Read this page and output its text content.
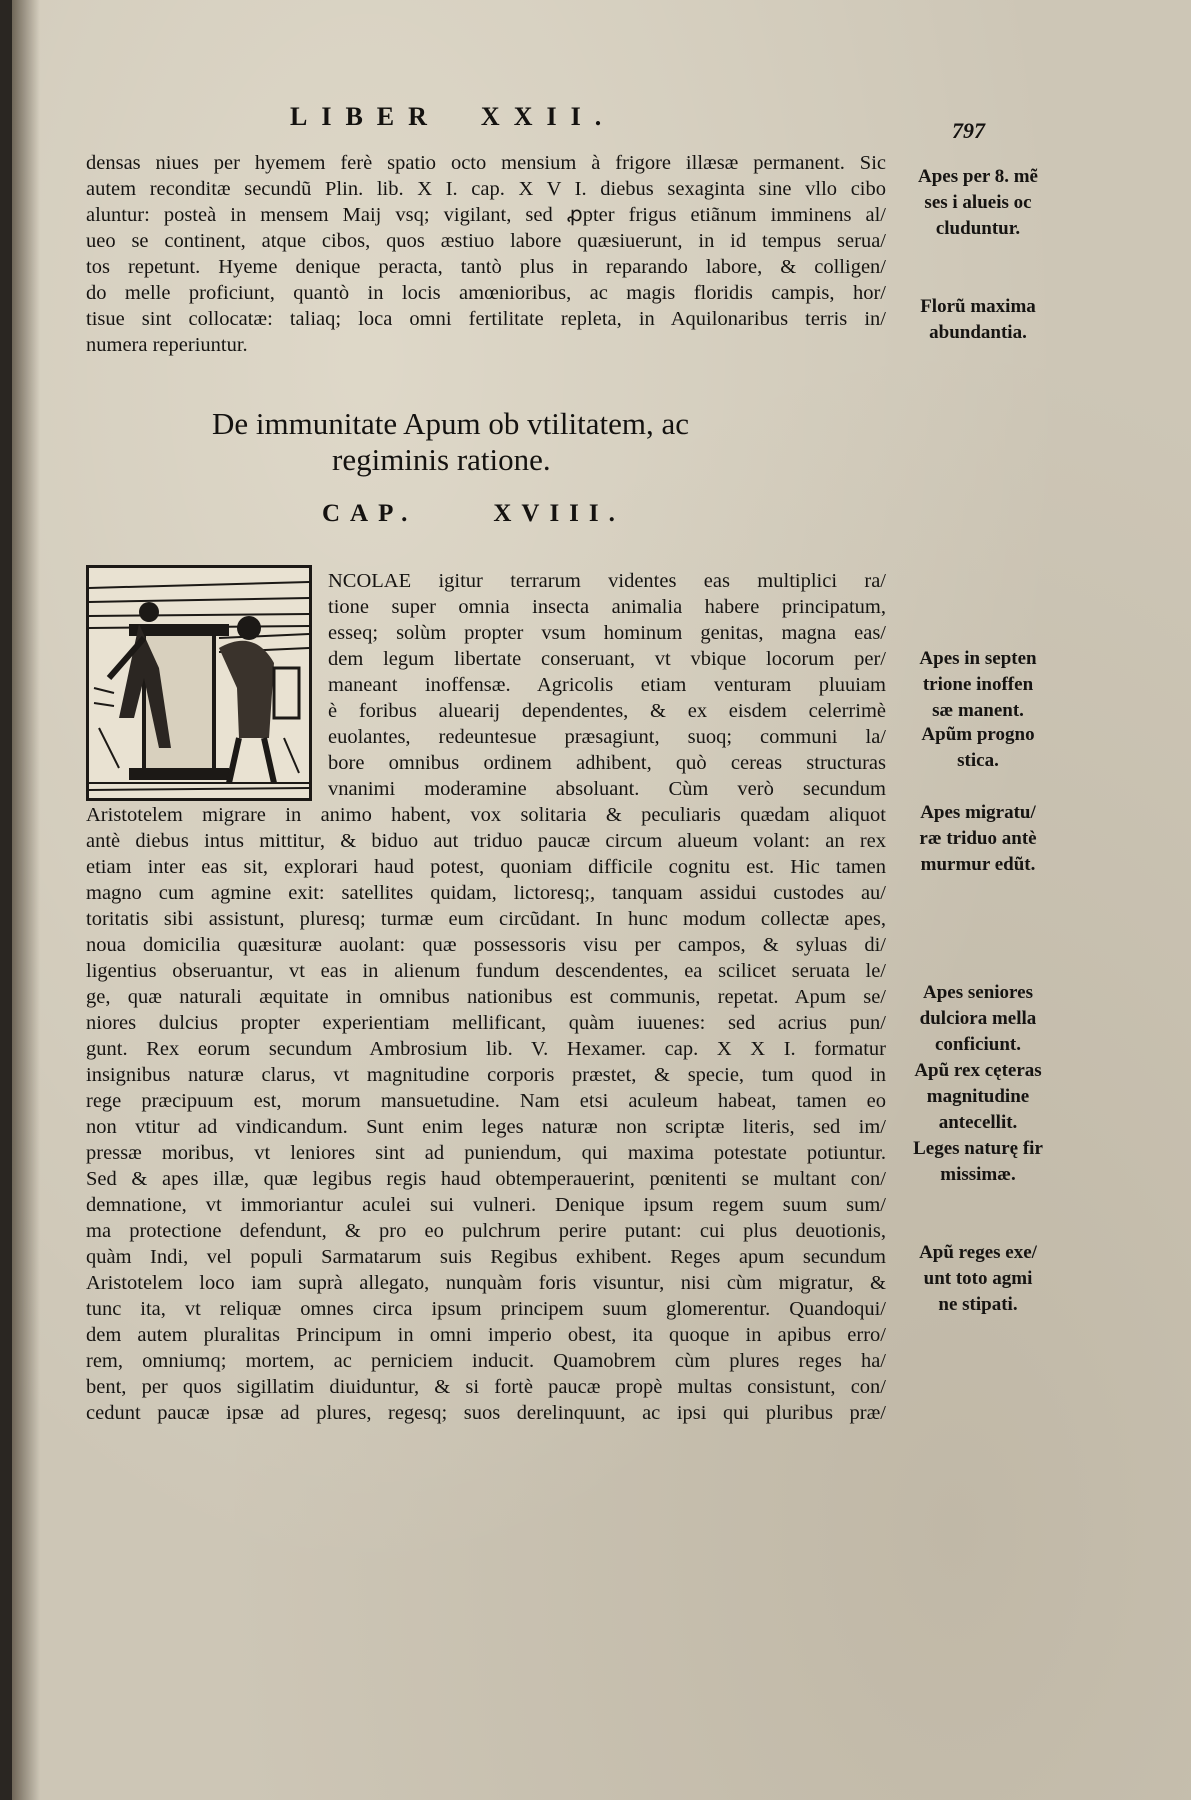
LIBER XXII.	797
densas niues per hyemem ferè spatio octo mensium à frigore illæsæ permanent. Sic
autem reconditæ secundũ Plin. lib. X I. cap. X V I. diebus sexaginta sine vllo cibo
aluntur: posteà in mensem Maij vsq; vigilant, sed ꝓpter frigus etiãnum imminens al/
ueo se continent, atque cibos, quos æstiuo labore quæsiuerunt, in id tempus serua/
tos repetunt. Hyeme denique peracta, tantò plus in reparando labore, & colligen/
do melle proficiunt, quantò in locis amœnioribus, ac magis floridis campis, hor/
tisue sint collocatæ: taliaq; loca omni fertilitate repleta, in Aquilonaribus terris in/
numera reperiuntur.
De immunitate Apum ob vtilitatem, ac
regiminis ratione.
CAP.	XVIII.
NCOLAE igitur terrarum videntes eas multiplici ra/
tione super omnia insecta animalia habere principatum,
esseq; solùm propter vsum hominum genitas, magna eas/
dem legum libertate conseruant, vt vbique locorum per/
maneant inoffensæ. Agricolis etiam venturam pluuiam
è foribus aluearij dependentes, & ex eisdem celerrimè
euolantes, redeuntesue præsagiunt, suoq; communi la/
bore omnibus ordinem adhibent, quò cereas structuras
vnanimi moderamine absoluant. Cùm verò secundum
Aristotelem migrare in animo habent, vox solitaria & peculiaris quædam aliquot
antè diebus intus mittitur, & biduo aut triduo paucæ circum alueum volant: an rex
etiam inter eas sit, explorari haud potest, quoniam difficile cognitu est. Hic tamen
magno cum agmine exit: satellites quidam, lictoresq;, tanquam assidui custodes au/
toritatis sibi assistunt, pluresq; turmæ eum circũdant. In hunc modum collectæ apes,
noua domicilia quæsituræ auolant: quæ possessoris visu per campos, & syluas di/
ligentius obseruantur, vt eas in alienum fundum descendentes, ea scilicet seruata le/
ge, quæ naturali æquitate in omnibus nationibus est communis, repetat. Apum se/
niores dulcius propter experientiam mellificant, quàm iuuenes: sed acrius pun/
gunt. Rex eorum secundum Ambrosium lib. V. Hexamer. cap. X X I. formatur
insignibus naturæ clarus, vt magnitudine corporis præstet, & specie, tum quod in
rege præcipuum est, morum mansuetudine. Nam etsi aculeum habeat, tamen eo
non vtitur ad vindicandum. Sunt enim leges naturæ non scriptæ literis, sed im/
pressæ moribus, vt leniores sint ad puniendum, qui maxima potestate potiuntur.
Sed & apes illæ, quæ legibus regis haud obtemperauerint, pœnitenti se multant con/
demnatione, vt immoriantur aculei sui vulneri. Denique ipsum regem suum sum/
ma protectione defendunt, & pro eo pulchrum perire putant: cui plus deuotionis,
quàm Indi, vel populi Sarmatarum suis Regibus exhibent. Reges apum secundum
Aristotelem loco iam suprà allegato, nunquàm foris visuntur, nisi cùm migratur, &
tunc ita, vt reliquæ omnes circa ipsum principem suum glomerentur. Quandoqui/
dem autem pluralitas Principum in omni imperio obest, ita quoque in apibus erro/
rem, omniumq; mortem, ac perniciem inducit. Quamobrem cùm plures reges ha/
bent, per quos sigillatim diuiduntur, & si fortè paucæ propè multas consistunt, con/
cedunt paucæ ipsæ ad plures, regesq; suos derelinquunt, ac ipsi qui pluribus præ/
Apes per 8. mẽ
ses i alueis oc
cluduntur.
Florũ maxima
abundantia.
Apes in septen
trione inoffen
sæ manent.
Apũm progno
stica.
Apes migratu/
ræ triduo antè
murmur edũt.
Apes seniores
dulciora mella
conficiunt.
Apũ rex cęteras
magnitudine
antecellit.
Leges naturę fir
missimæ.
Apũ reges exe/
unt toto agmi
ne stipati.
